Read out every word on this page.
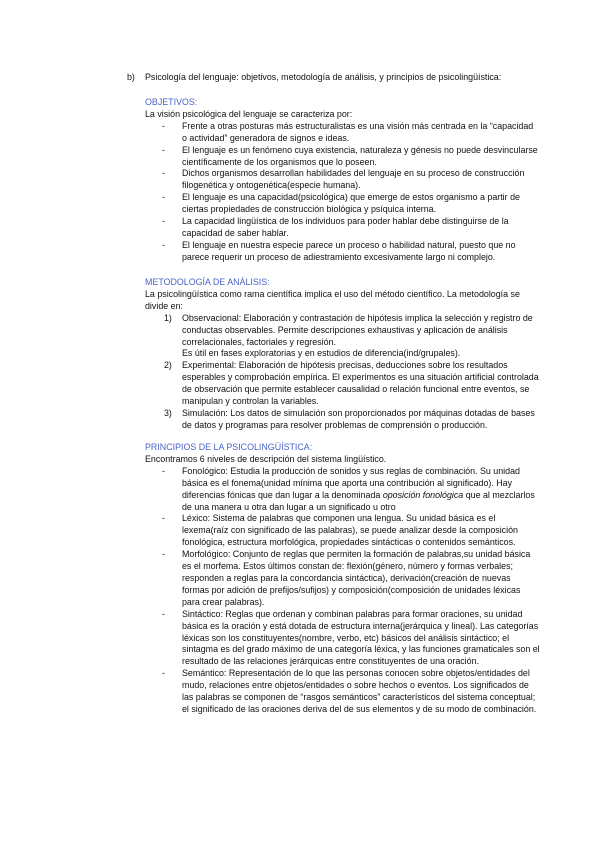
b) Psicología del lenguaje: objetivos, metodología de análisis, y principios de psicolingüística:
OBJETIVOS:
La visión psicológica del lenguaje se caracteriza por:
- Frente a otras posturas más estructuralistas es una visión más centrada en la “capacidad o actividad” generadora de signos e ideas.
- El lenguaje es un fenómeno cuya existencia, naturaleza y génesis no puede desvincularse científicamente de los organismos que lo poseen.
- Dichos organismos desarrollan habilidades del lenguaje en su proceso de construcción filogenética y ontogenética(especie humana).
- El lenguaje es una capacidad(psicológica) que emerge de estos organismo a partir de ciertas propiedades de construcción biológica y psíquica interna.
- La capacidad lingüística de los individuos para poder hablar debe distinguirse de la capacidad de saber hablar.
- El lenguaje en nuestra especie parece un proceso o habilidad natural, puesto que no parece requerir un proceso de adiestramiento excesivamente largo ni complejo.
METODOLOGÍA DE ANÁLISIS:
La psicolingüística como rama científica implica el uso del método científico. La metodología se divide en:
1) Observacional: Elaboración y contrastación de hipótesis implica la selección y registro de conductas observables. Permite descripciones exhaustivas y aplicación de análisis correlacionales, factoriales y regresión.
Es útil en fases exploratorias y en estudios de diferencia(ind/grupales).
2) Experimental: Elaboración de hipótesis precisas, deducciones sobre los resultados esperables y comprobación empírica. El experimentos es una situación artificial controlada de observación que permite establecer causalidad o relación funcional entre eventos, se manipulan y controlan la variables.
3) Simulación: Los datos de simulación son proporcionados por máquinas dotadas de bases de datos y programas para resolver problemas de comprensión o producción.
PRINCIPIOS DE LA PSICOLINGÜÍSTICA:
Encontramos 6 niveles de descripción del sistema lingüístico.
- Fonológico: Estudia la producción de sonidos y sus reglas de combinación. Su unidad básica es el fonema(unidad mínima que aporta una contribución al significado). Hay diferencias fónicas que dan lugar a la denominada oposición fonológica que al mezclarlos de una manera u otra dan lugar a un significado u otro
- Léxico: Sistema de palabras que componen una lengua. Su unidad básica es el lexema(raíz con significado de las palabras), se puede analizar desde la composición fonológica, estructura morfológica, propiedades sintácticas o contenidos semánticos.
- Morfológico: Conjunto de reglas que permiten la formación de palabras,su unidad básica es el morfema. Estos últimos constan de: flexión(género, número y formas verbales; responden a reglas para la concordancia sintáctica), derivación(creación de nuevas formas por adición de prefijos/sufijos) y composición(composición de unidades léxicas para crear palabras).
- Sintáctico: Reglas que ordenan y combinan palabras para formar oraciones, su unidad básica es la oración y está dotada de estructura interna(jerárquica y lineal). Las categorías léxicas son los constituyentes(nombre, verbo, etc) básicos del análisis sintáctico; el sintagma es del grado máximo de una categoría léxica, y las funciones gramaticales son el resultado de las relaciones jerárquicas entre constituyentes de una oración.
- Semántico: Representación de lo que las personas conocen sobre objetos/entidades del mudo, relaciones entre objetos/entidades o sobre hechos o eventos. Los significados de las palabras se componen de “rasgos semánticos” característicos del sistema conceptual; el significado de las oraciones deriva del de sus elementos y de su modo de combinación.
